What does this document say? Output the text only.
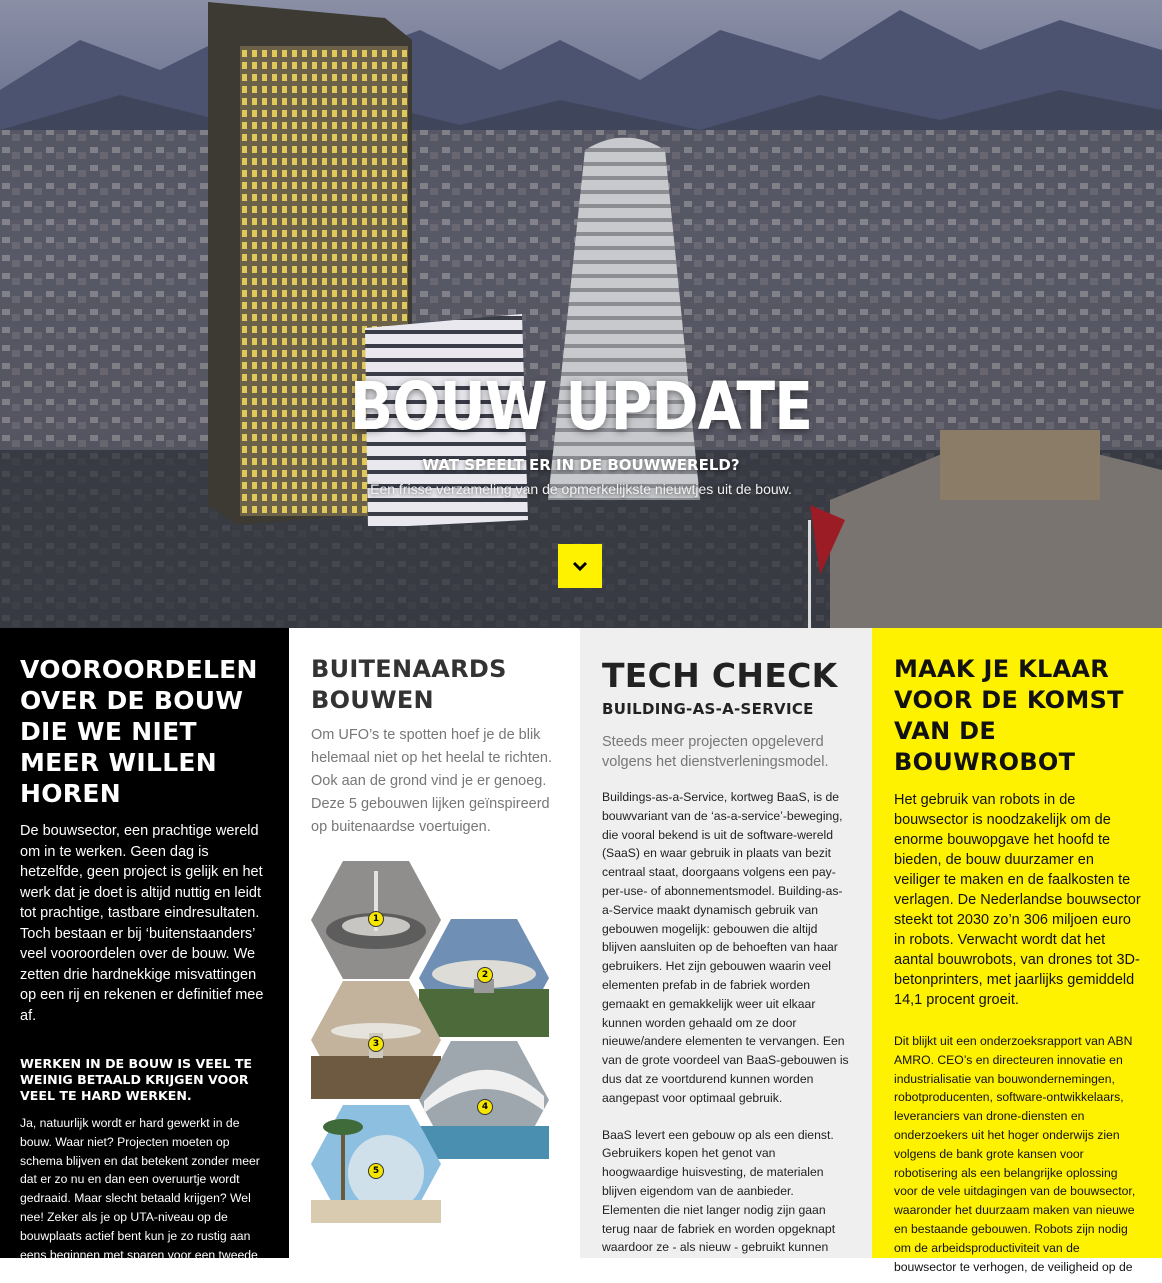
BOUW UPDATE
WAT SPEELT ER IN DE BOUWWERELD?
Een frisse verzameling van de opmerkelijkste nieuwtjes uit de bouw.
VOOROORDELEN OVER DE BOUW DIE WE NIET MEER WILLEN HOREN
De bouwsector, een prachtige wereld om in te werken. Geen dag is hetzelfde, geen project is gelijk en het werk dat je doet is altijd nuttig en leidt tot prachtige, tastbare eindresultaten. Toch bestaan er bij ‘buitenstaanders’ veel vooroordelen over de bouw. We zetten drie hardnekkige misvattingen op een rij en rekenen er definitief mee af.
WERKEN IN DE BOUW IS VEEL TE WEINIG BETAALD KRIJGEN VOOR VEEL TE HARD WERKEN.
Ja, natuurlijk wordt er hard gewerkt in de bouw. Waar niet? Projecten moeten op schema blijven en dat betekent zonder meer dat er zo nu en dan een overuurtje wordt gedraaid. Maar slecht betaald krijgen? Wel nee! Zeker als je op UTA-niveau op de bouwplaats actief bent kun je zo rustig aan eens beginnen met sparen voor een tweede huis is Frankrijk.
BUITENAARDS BOUWEN
Om UFO’s te spotten hoef je de blik helemaal niet op het heelal te richten. Ook aan de grond vind je er genoeg. Deze 5 gebouwen lijken geïnspireerd op buitenaardse voertuigen.
1
2
3
4
5
TECH CHECK
BUILDING-AS-A-SERVICE
Steeds meer projecten opgeleverd volgens het dienstverleningsmodel.
Buildings-as-a-Service, kortweg BaaS, is de bouwvariant van de ‘as-a-service’-beweging, die vooral bekend is uit de software-wereld (SaaS) en waar gebruik in plaats van bezit centraal staat, doorgaans volgens een pay-per-use- of abonnementsmodel. Building-as-a-Service maakt dynamisch gebruik van gebouwen mogelijk: gebouwen die altijd blijven aansluiten op de behoeften van haar gebruikers. Het zijn gebouwen waarin veel elementen prefab in de fabriek worden gemaakt en gemakkelijk weer uit elkaar kunnen worden gehaald om ze door nieuwe/andere elementen te vervangen. Een van de grote voordeel van BaaS-gebouwen is dus dat ze voortdurend kunnen worden aangepast voor optimaal gebruik.
BaaS levert een gebouw op als een dienst. Gebruikers kopen het genot van hoogwaardige huisvesting, de materialen blijven eigendom van de aanbieder. Elementen die niet langer nodig zijn gaan terug naar de fabriek en worden opgeknapt waardoor ze - als nieuw - gebruikt kunnen
MAAK JE KLAAR VOOR DE KOMST VAN DE BOUWROBOT
Het gebruik van robots in de bouwsector is noodzakelijk om de enorme bouwopgave het hoofd te bieden, de bouw duurzamer en veiliger te maken en de faalkosten te verlagen. De Nederlandse bouwsector steekt tot 2030 zo’n 306 miljoen euro in robots. Verwacht wordt dat het aantal bouwrobots, van drones tot 3D-betonprinters, met jaarlijks gemiddeld 14,1 procent groeit.
Dit blijkt uit een onderzoeksrapport van ABN AMRO. CEO’s en directeuren innovatie en industrialisatie van bouwondernemingen, robotproducenten, software-ontwikkelaars, leveranciers van drone-diensten en onderzoekers uit het hoger onderwijs zien volgens de bank grote kansen voor robotisering als een belangrijke oplossing voor de vele uitdagingen van de bouwsector, waaronder het duurzaam maken van nieuwe en bestaande gebouwen. Robots zijn nodig om de arbeidsproductiviteit van de bouwsector te verhogen, de veiligheid op de
